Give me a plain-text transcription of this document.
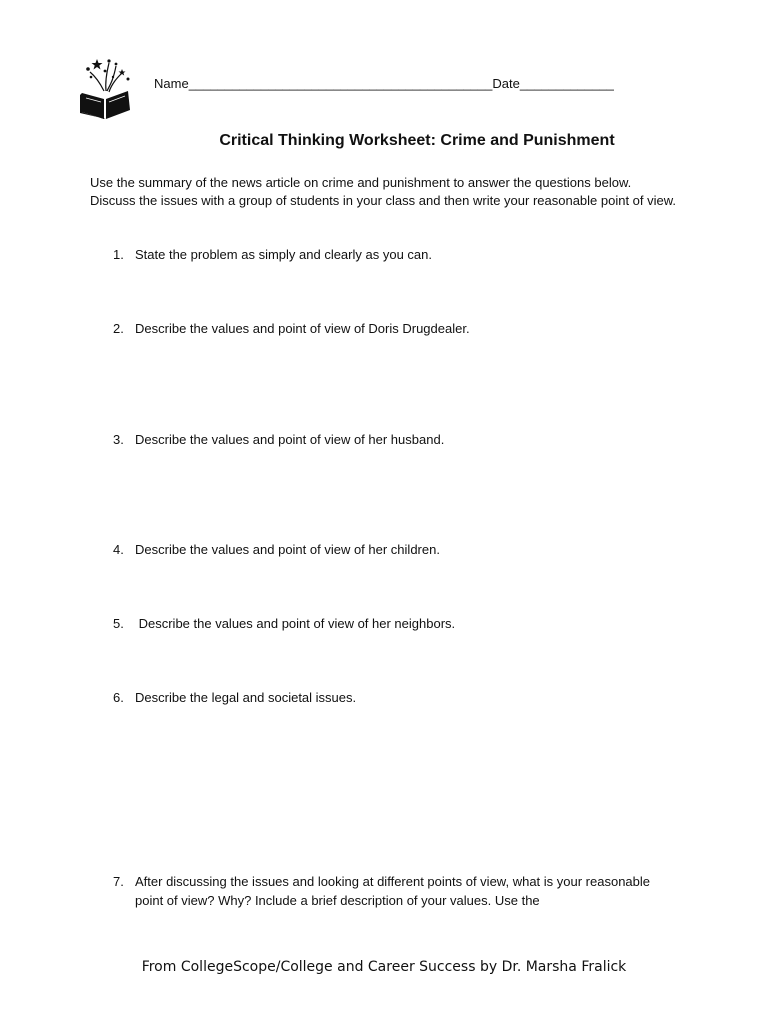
Name__________________________________________Date_____________
Critical Thinking Worksheet: Crime and Punishment
Use the summary of the news article on crime and punishment to answer the questions below. Discuss the issues with a group of students in your class and then write your reasonable point of view.
1. State the problem as simply and clearly as you can.
2. Describe the values and point of view of Doris Drugdealer.
3. Describe the values and point of view of her husband.
4. Describe the values and point of view of her children.
5. Describe the values and point of view of her neighbors.
6. Describe the legal and societal issues.
7. After discussing the issues and looking at different points of view, what is your reasonable point of view? Why? Include a brief description of your values. Use the
From CollegeScope/College and Career Success by Dr. Marsha Fralick
